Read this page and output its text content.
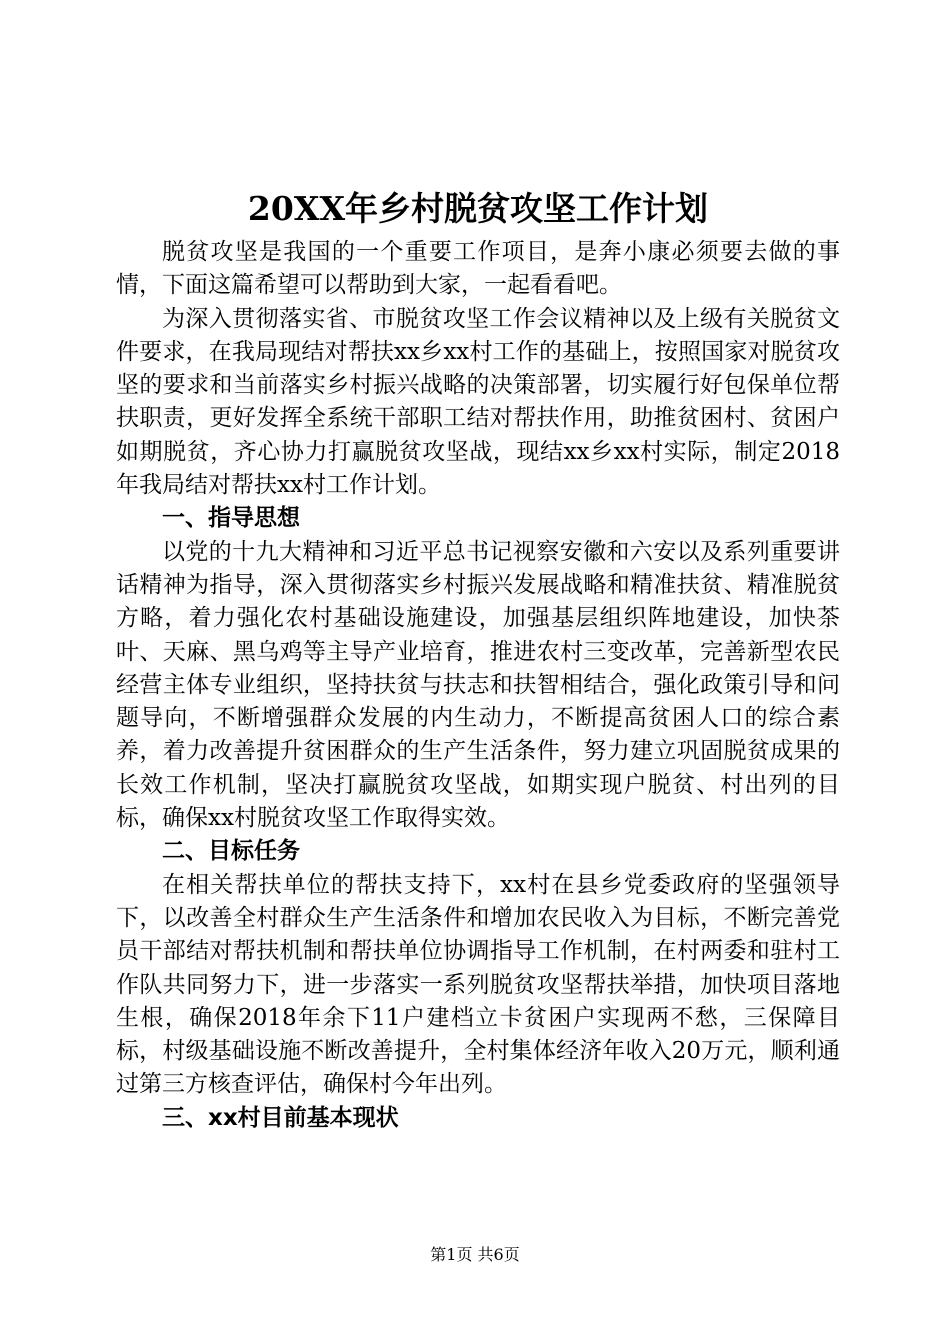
20XX年乡村脱贫攻坚工作计划

脱贫攻坚是我国的一个重要工作项目，是奔小康必须要去做的事情，下面这篇希望可以帮助到大家，一起看看吧。

为深入贯彻落实省、市脱贫攻坚工作会议精神以及上级有关脱贫文件要求，在我局现结对帮扶xx乡xx村工作的基础上，按照国家对脱贫攻坚的要求和当前落实乡村振兴战略的决策部署，切实履行好包保单位帮扶职责，更好发挥全系统干部职工结对帮扶作用，助推贫困村、贫困户如期脱贫，齐心协力打赢脱贫攻坚战，现结xx乡xx村实际，制定2018年我局结对帮扶xx村工作计划。

一、指导思想

以党的十九大精神和习近平总书记视察安徽和六安以及系列重要讲话精神为指导，深入贯彻落实乡村振兴发展战略和精准扶贫、精准脱贫方略，着力强化农村基础设施建设，加强基层组织阵地建设，加快茶叶、天麻、黑乌鸡等主导产业培育，推进农村三变改革，完善新型农民经营主体专业组织，坚持扶贫与扶志和扶智相结合，强化政策引导和问题导向，不断增强群众发展的内生动力，不断提高贫困人口的综合素养，着力改善提升贫困群众的生产生活条件，努力建立巩固脱贫成果的长效工作机制，坚决打赢脱贫攻坚战，如期实现户脱贫、村出列的目标，确保xx村脱贫攻坚工作取得实效。

二、目标任务

在相关帮扶单位的帮扶支持下，xx村在县乡党委政府的坚强领导下，以改善全村群众生产生活条件和增加农民收入为目标，不断完善党员干部结对帮扶机制和帮扶单位协调指导工作机制，在村两委和驻村工作队共同努力下，进一步落实一系列脱贫攻坚帮扶举措，加快项目落地生根，确保2018年余下11户建档立卡贫困户实现两不愁，三保障目标，村级基础设施不断改善提升，全村集体经济年收入20万元，顺利通过第三方核查评估，确保村今年出列。

三、xx村目前基本现状

第1页 共6页
